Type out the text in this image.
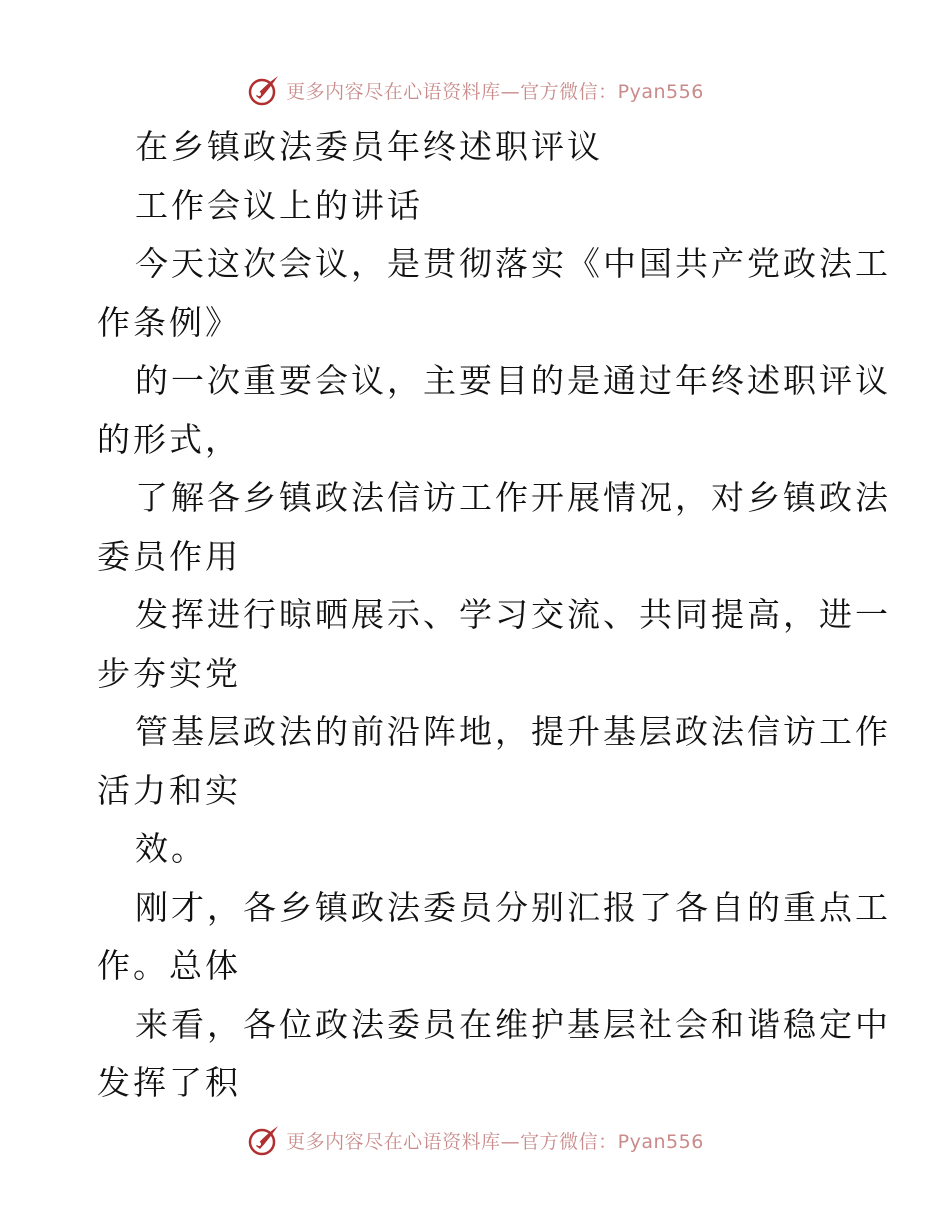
更多内容尽在心语资料库—官方微信：Pyan556
在乡镇政法委员年终述职评议
工作会议上的讲话
今天这次会议，是贯彻落实《中国共产党政法工
作条例》
的一次重要会议，主要目的是通过年终述职评议
的形式，
了解各乡镇政法信访工作开展情况，对乡镇政法
委员作用
发挥进行晾晒展示、学习交流、共同提高，进一
步夯实党
管基层政法的前沿阵地，提升基层政法信访工作
活力和实
效。
刚才，各乡镇政法委员分别汇报了各自的重点工
作。总体
来看，各位政法委员在维护基层社会和谐稳定中
发挥了积
更多内容尽在心语资料库—官方微信：Pyan556
